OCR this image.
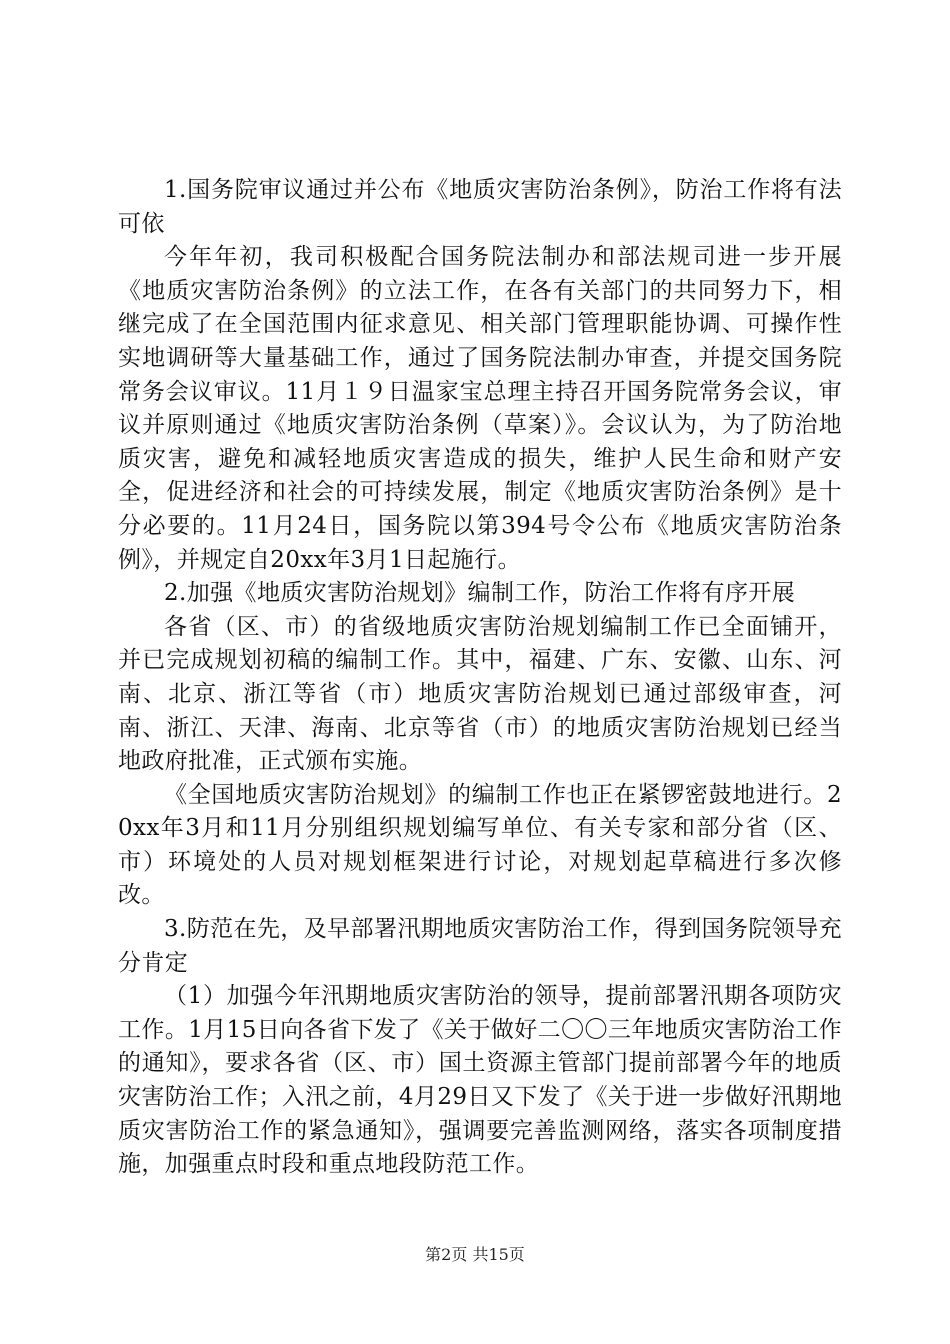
1.国务院审议通过并公布《地质灾害防治条例》，防治工作将有法可依

今年年初，我司积极配合国务院法制办和部法规司进一步开展《地质灾害防治条例》的立法工作，在各有关部门的共同努力下，相继完成了在全国范围内征求意见、相关部门管理职能协调、可操作性实地调研等大量基础工作，通过了国务院法制办审查，并提交国务院常务会议审议。11月１９日温家宝总理主持召开国务院常务会议，审议并原则通过《地质灾害防治条例（草案）》。会议认为，为了防治地质灾害，避免和减轻地质灾害造成的损失，维护人民生命和财产安全，促进经济和社会的可持续发展，制定《地质灾害防治条例》是十分必要的。11月24日，国务院以第394号令公布《地质灾害防治条例》，并规定自20xx年3月1日起施行。

2.加强《地质灾害防治规划》编制工作，防治工作将有序开展

各省（区、市）的省级地质灾害防治规划编制工作已全面铺开，并已完成规划初稿的编制工作。其中，福建、广东、安徽、山东、河南、北京、浙江等省（市）地质灾害防治规划已通过部级审查，河南、浙江、天津、海南、北京等省（市）的地质灾害防治规划已经当地政府批准，正式颁布实施。

《全国地质灾害防治规划》的编制工作也正在紧锣密鼓地进行。20xx年3月和11月分别组织规划编写单位、有关专家和部分省（区、市）环境处的人员对规划框架进行讨论，对规划起草稿进行多次修改。

3.防范在先，及早部署汛期地质灾害防治工作，得到国务院领导充分肯定

（1）加强今年汛期地质灾害防治的领导，提前部署汛期各项防灾工作。1月15日向各省下发了《关于做好二〇〇三年地质灾害防治工作的通知》，要求各省（区、市）国土资源主管部门提前部署今年的地质灾害防治工作；入汛之前，4月29日又下发了《关于进一步做好汛期地质灾害防治工作的紧急通知》，强调要完善监测网络，落实各项制度措施，加强重点时段和重点地段防范工作。

第2页 共15页
